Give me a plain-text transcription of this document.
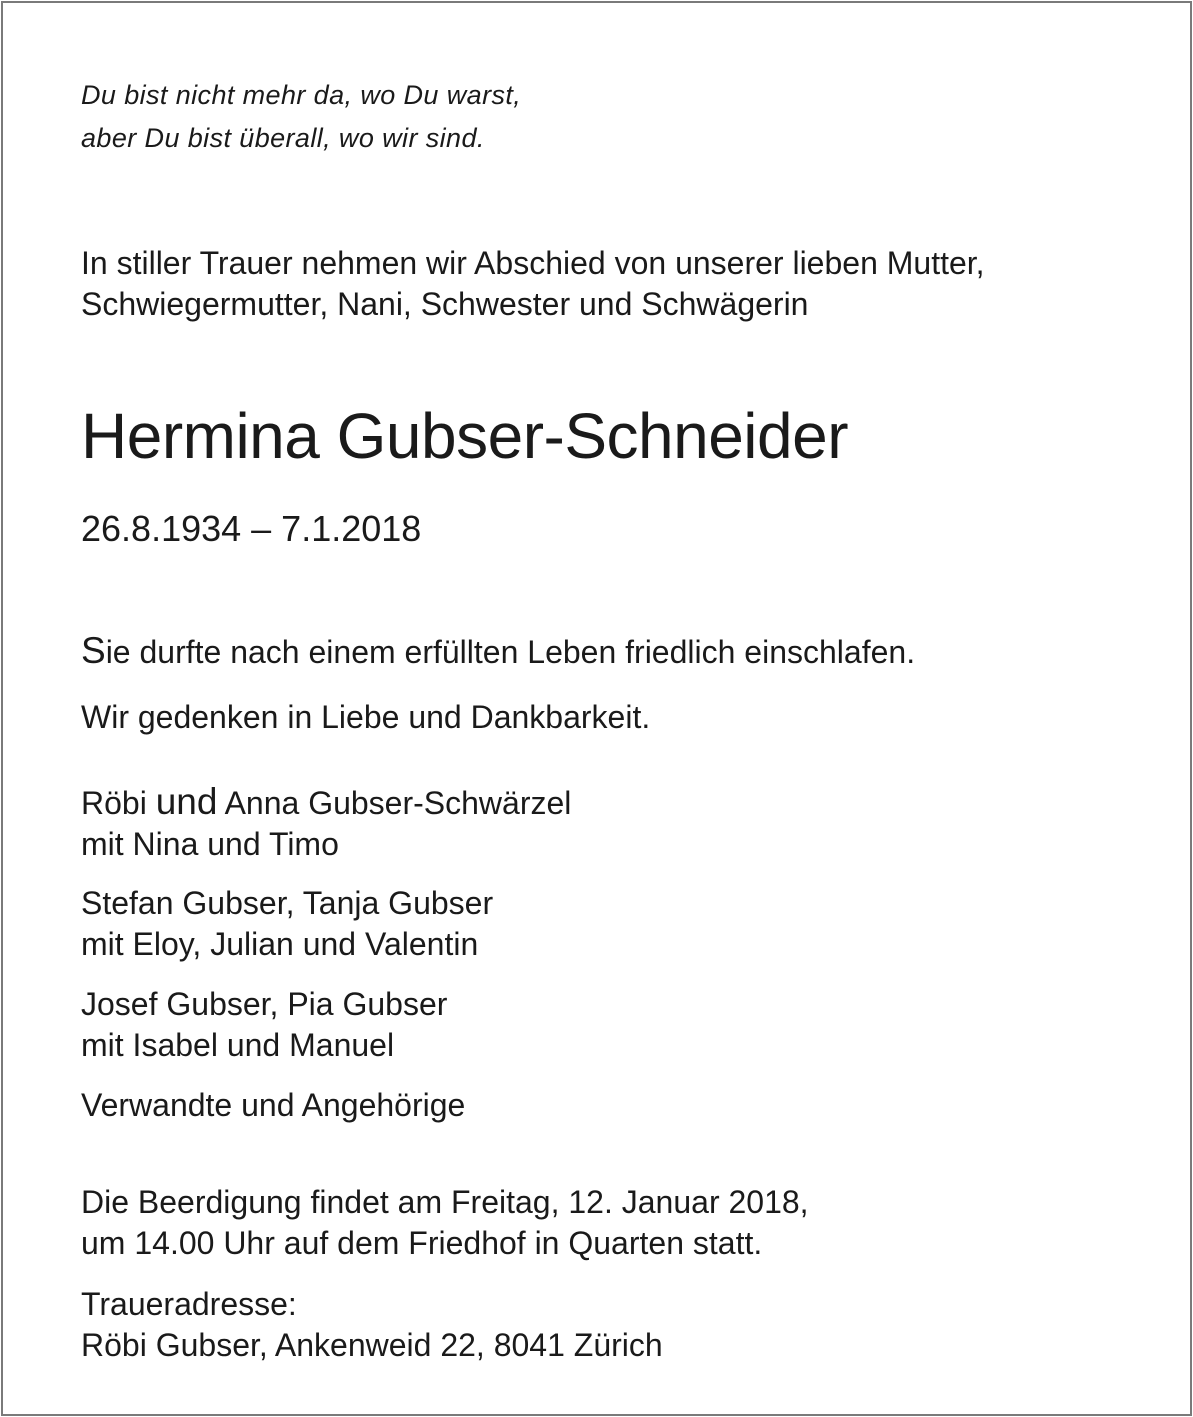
Du bist nicht mehr da, wo Du warst,
aber Du bist überall, wo wir sind.
In stiller Trauer nehmen wir Abschied von unserer lieben Mutter,
Schwiegermutter, Nani, Schwester und Schwägerin
Hermina Gubser-Schneider
26.8.1934 – 7.1.2018
Sie durfte nach einem erfüllten Leben friedlich einschlafen.
Wir gedenken in Liebe und Dankbarkeit.
Röbi und Anna Gubser-Schwärzel
mit Nina und Timo
Stefan Gubser, Tanja Gubser
mit Eloy, Julian und Valentin
Josef Gubser, Pia Gubser
mit Isabel und Manuel
Verwandte und Angehörige
Die Beerdigung findet am Freitag, 12. Januar 2018,
um 14.00 Uhr auf dem Friedhof in Quarten statt.
Traueradresse:
Röbi Gubser, Ankenweid 22, 8041 Zürich
